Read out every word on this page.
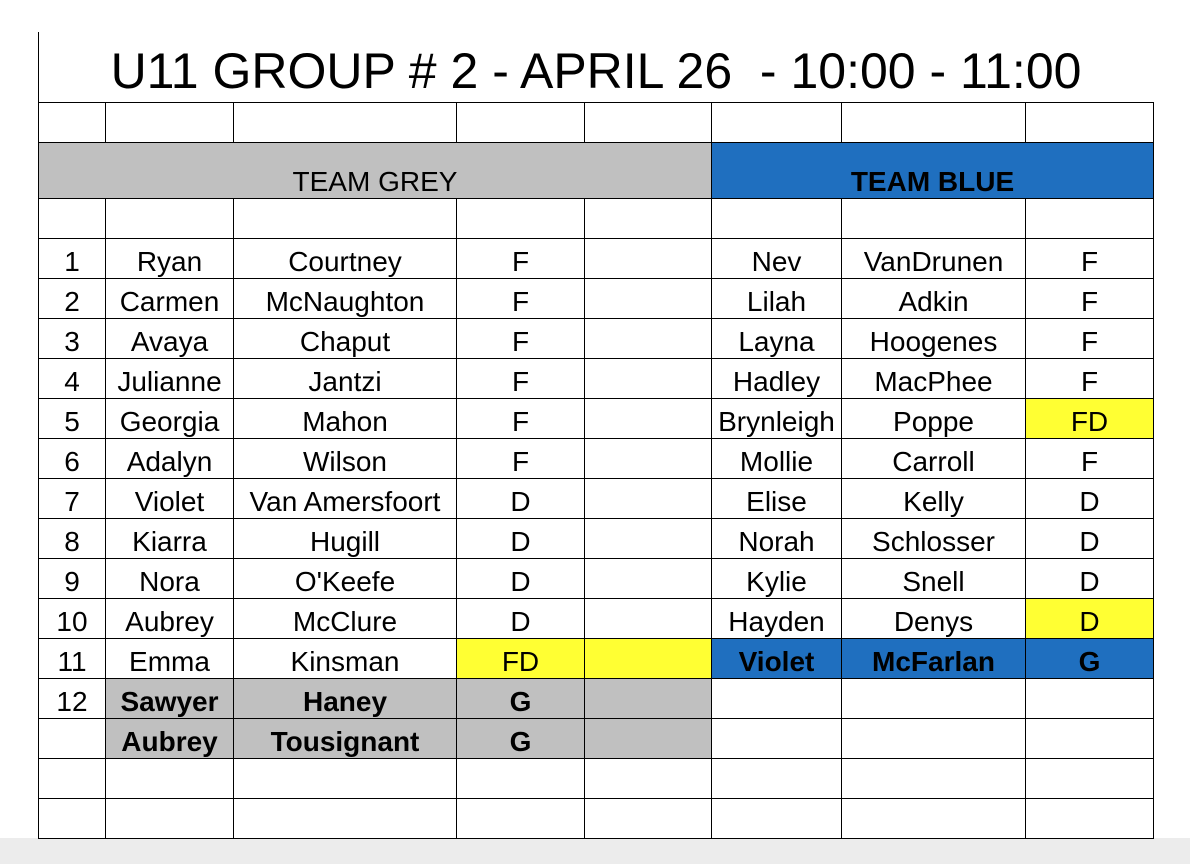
U11 GROUP # 2 - APRIL 26  - 10:00 - 11:00

TEAM GREY					TEAM BLUE		

1	Ryan	Courtney	F		Nev	VanDrunen	F
2	Carmen	McNaughton	F		Lilah	Adkin	F
3	Avaya	Chaput	F		Layna	Hoogenes	F
4	Julianne	Jantzi	F		Hadley	MacPhee	F
5	Georgia	Mahon	F		Brynleigh	Poppe	FD
6	Adalyn	Wilson	F		Mollie	Carroll	F
7	Violet	Van Amersfoort	D		Elise	Kelly	D
8	Kiarra	Hugill	D		Norah	Schlosser	D
9	Nora	O'Keefe	D		Kylie	Snell	D
10	Aubrey	McClure	D		Hayden	Denys	D
11	Emma	Kinsman	FD		Violet	McFarlan	G
12	Sawyer	Haney	G				
	Aubrey	Tousignant	G				
